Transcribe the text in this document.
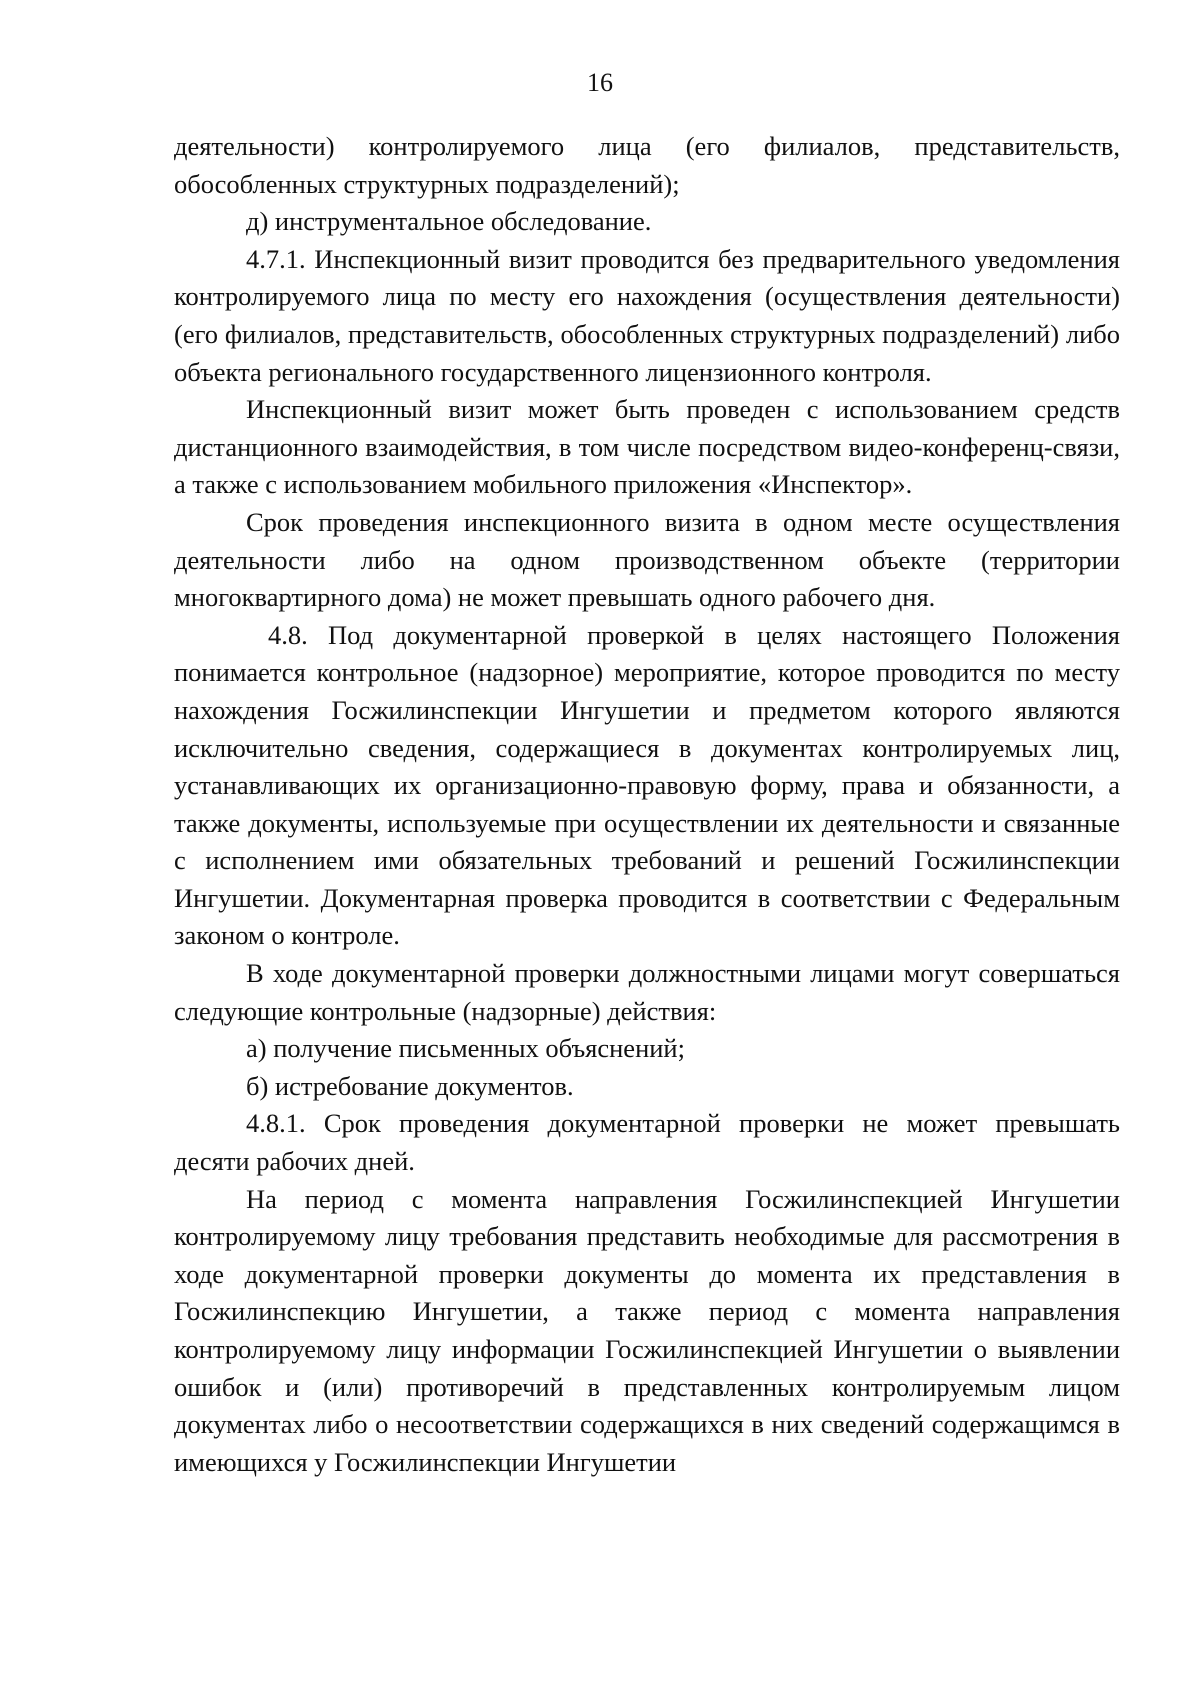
16

деятельности) контролируемого лица (его филиалов, представительств, обособленных структурных подразделений);

д) инструментальное обследование.

4.7.1. Инспекционный визит проводится без предварительного уведомления контролируемого лица по месту его нахождения (осуществления деятельности) (его филиалов, представительств, обособленных структурных подразделений) либо объекта регионального государственного лицензионного контроля.

Инспекционный визит может быть проведен с использованием средств дистанционного взаимодействия, в том числе посредством видео-конференц-связи, а также с использованием мобильного приложения «Инспектор».

Срок проведения инспекционного визита в одном месте осуществления деятельности либо на одном производственном объекте (территории многоквартирного дома) не может превышать одного рабочего дня.

4.8. Под документарной проверкой в целях настоящего Положения понимается контрольное (надзорное) мероприятие, которое проводится по месту нахождения Госжилинспекции Ингушетии и предметом которого являются исключительно сведения, содержащиеся в документах контролируемых лиц, устанавливающих их организационно-правовую форму, права и обязанности, а также документы, используемые при осуществлении их деятельности и связанные с исполнением ими обязательных требований и решений Госжилинспекции Ингушетии. Документарная проверка проводится в соответствии с Федеральным законом о контроле.

В ходе документарной проверки должностными лицами могут совершаться следующие контрольные (надзорные) действия:

а) получение письменных объяснений;

б) истребование документов.

4.8.1. Срок проведения документарной проверки не может превышать десяти рабочих дней.

На период с момента направления Госжилинспекцией Ингушетии контролируемому лицу требования представить необходимые для рассмотрения в ходе документарной проверки документы до момента их представления в Госжилинспекцию Ингушетии, а также период с момента направления контролируемому лицу информации Госжилинспекцией Ингушетии о выявлении ошибок и (или) противоречий в представленных контролируемым лицом документах либо о несоответствии содержащихся в них сведений содержащимся в имеющихся у Госжилинспекции Ингушетии
